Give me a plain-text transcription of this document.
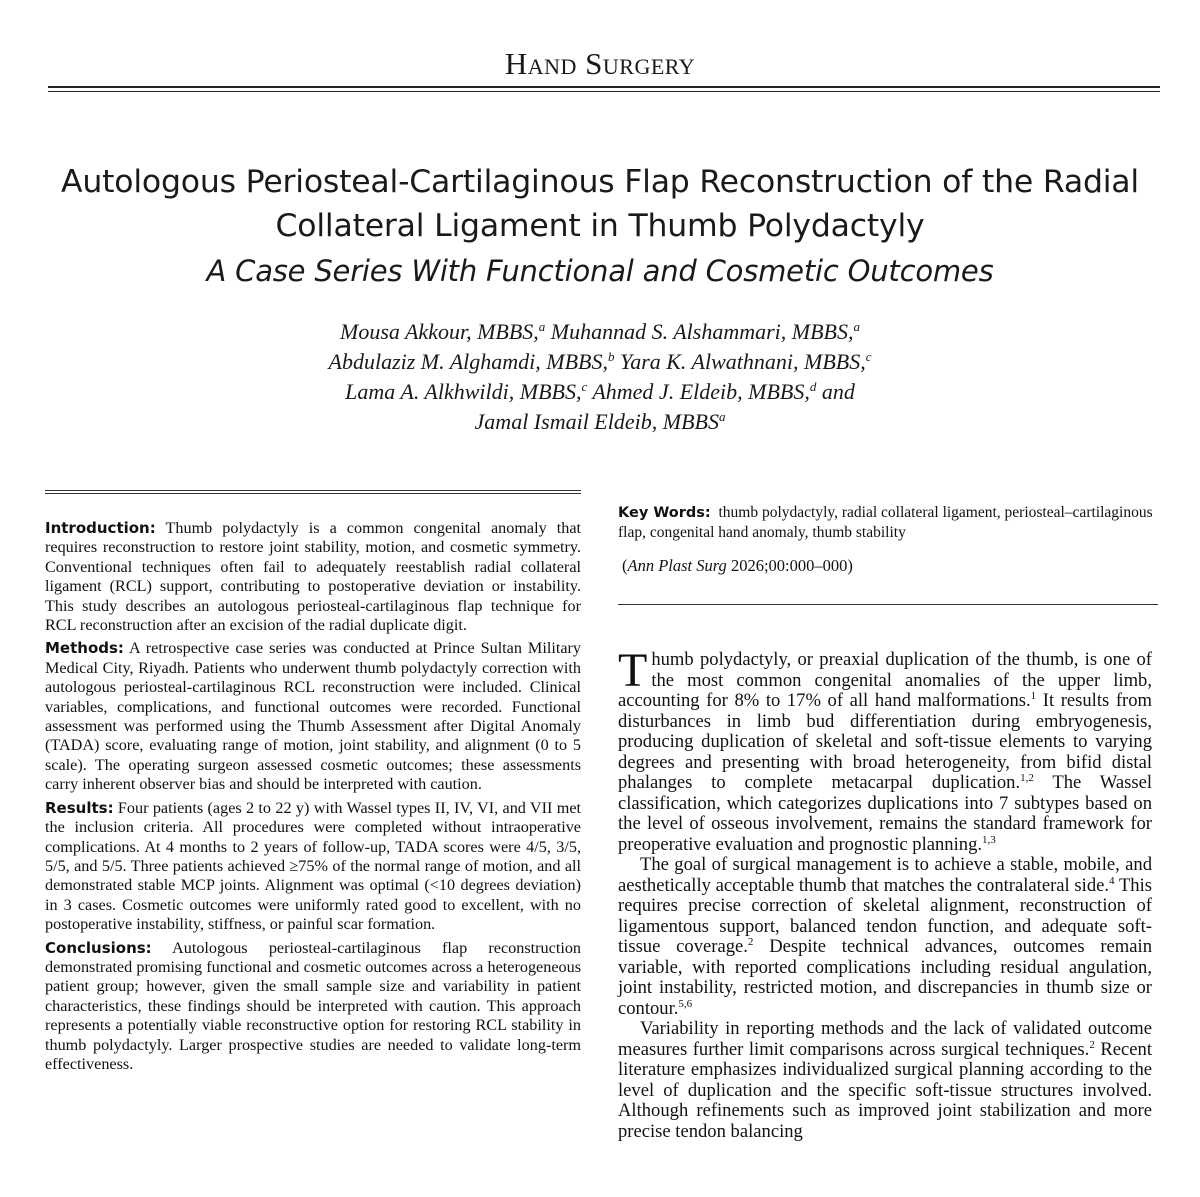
Hand Surgery
Autologous Periosteal-Cartilaginous Flap Reconstruction of the Radial Collateral Ligament in Thumb Polydactyly
A Case Series With Functional and Cosmetic Outcomes
Mousa Akkour, MBBS,$^a$ Muhannad S. Alshammari, MBBS,$^a$
Abdulaziz M. Alghamdi, MBBS,$^b$ Yara K. Alwathnani, MBBS,$^c$
Lama A. Alkhwildi, MBBS,$^c$ Ahmed J. Eldeib, MBBS,$^d$ and
Jamal Ismail Eldeib, MBBS$^a$

Introduction: Thumb polydactyly is a common congenital anomaly that requires reconstruction to restore joint stability, motion, and cosmetic symmetry. Conventional techniques often fail to adequately reestablish radial collateral ligament (RCL) support, contributing to postoperative deviation or instability. This study describes an autologous periosteal-cartilaginous flap technique for RCL reconstruction after an excision of the radial duplicate digit.

Methods: A retrospective case series was conducted at Prince Sultan Military Medical City, Riyadh. Patients who underwent thumb polydactyly correction with autologous periosteal-cartilaginous RCL reconstruction were included. Clinical variables, complications, and functional outcomes were recorded. Functional assessment was performed using the Thumb Assessment after Digital Anomaly (TADA) score, evaluating range of motion, joint stability, and alignment (0 to 5 scale). The operating surgeon assessed cosmetic outcomes; these assessments carry inherent observer bias and should be interpreted with caution.

Results: Four patients (ages 2 to 22 y) with Wassel types II, IV, VI, and VII met the inclusion criteria. All procedures were completed without intraoperative complications. At 4 months to 2 years of follow-up, TADA scores were 4/5, 3/5, 5/5, and 5/5. Three patients achieved ≥75% of the normal range of motion, and all demonstrated stable MCP joints. Alignment was optimal (<10 degrees deviation) in 3 cases. Cosmetic outcomes were uniformly rated good to excellent, with no postoperative instability, stiffness, or painful scar formation.

Conclusions: Autologous periosteal-cartilaginous flap reconstruction demonstrated promising functional and cosmetic outcomes across a heterogeneous patient group; however, given the small sample size and variability in patient characteristics, these findings should be interpreted with caution. This approach represents a potentially viable reconstructive option for restoring RCL stability in thumb polydactyly. Larger prospective studies are needed to validate long-term effectiveness.

Key Words: thumb polydactyly, radial collateral ligament, periosteal–cartilaginous flap, congenital hand anomaly, thumb stability
(Ann Plast Surg 2026;00:000–000)

Thumb polydactyly, or preaxial duplication of the thumb, is one of the most common congenital anomalies of the upper limb, accounting for 8% to 17% of all hand malformations.$^1$ It results from disturbances in limb bud differentiation during embryogenesis, producing duplication of skeletal and soft-tissue elements to varying degrees and presenting with broad heterogeneity, from bifid distal phalanges to complete metacarpal duplication.$^{1,2}$ The Wassel classification, which categorizes duplications into 7 subtypes based on the level of osseous involvement, remains the standard framework for preoperative evaluation and prognostic planning.$^{1,3}$

The goal of surgical management is to achieve a stable, mobile, and aesthetically acceptable thumb that matches the contralateral side.$^4$ This requires precise correction of skeletal alignment, reconstruction of ligamentous support, balanced tendon function, and adequate soft-tissue coverage.$^2$ Despite technical advances, outcomes remain variable, with reported complications including residual angulation, joint instability, restricted motion, and discrepancies in thumb size or contour.$^{5,6}$

Variability in reporting methods and the lack of validated outcome measures further limit comparisons across surgical techniques.$^2$ Recent literature emphasizes individualized surgical planning according to the level of duplication and the specific soft-tissue structures involved. Although refinements such as improved joint stabilization and more precise tendon balancing
